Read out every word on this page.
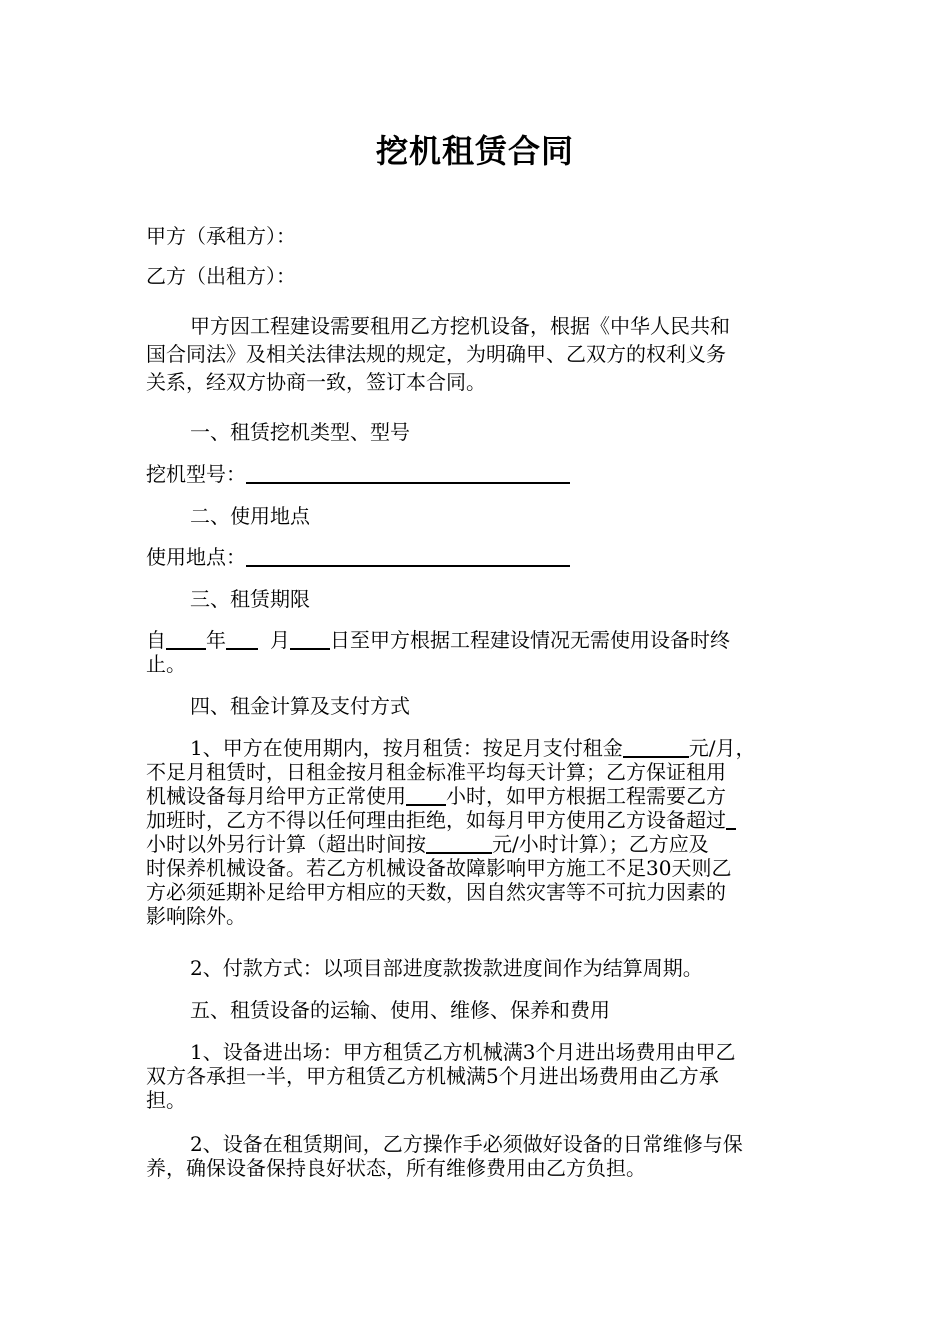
挖机租赁合同
甲方（承租方）：
乙方（出租方）：
甲方因工程建设需要租用乙方挖机设备，根据《中华人民共和
国合同法》及相关法律法规的规定，为明确甲、乙双方的权利义务
关系，经双方协商一致，签订本合同。
一、租赁挖机类型、型号
挖机型号：
二、使用地点
使用地点：
三、租赁期限
自 年 月 日至甲方根据工程建设情况无需使用设备时终
止。
四、租金计算及支付方式
1、甲方在使用期内，按月租赁：按足月支付租金	元/月，
不足月租赁时，日租金按月租金标准平均每天计算；乙方保证租用
机械设备每月给甲方正常使用 小时，如甲方根据工程需要乙方
加班时，乙方不得以任何理由拒绝，如每月甲方使用乙方设备超过
小时以外另行计算（超出时间按	元/小时计算）；乙方应及
时保养机械设备。若乙方机械设备故障影响甲方施工不足30天则乙
方必须延期补足给甲方相应的天数，因自然灾害等不可抗力因素的
影响除外。
2、付款方式：以项目部进度款拨款进度间作为结算周期。
五、租赁设备的运输、使用、维修、保养和费用
1、设备进出场：甲方租赁乙方机械满3个月进出场费用由甲乙
双方各承担一半，甲方租赁乙方机械满5个月进出场费用由乙方承
担。
2、设备在租赁期间，乙方操作手必须做好设备的日常维修与保
养，确保设备保持良好状态，所有维修费用由乙方负担。
